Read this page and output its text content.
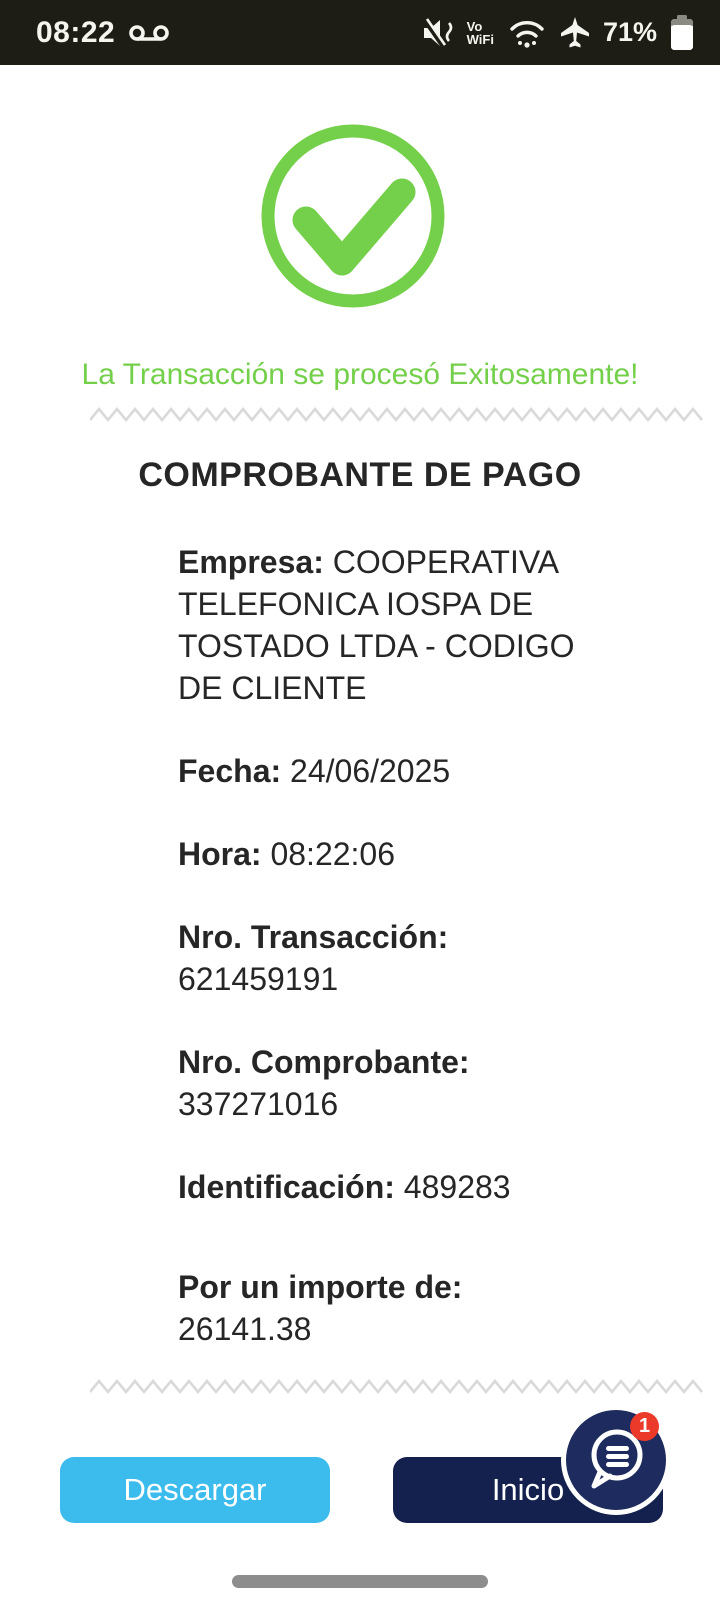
08:22	Vo
WiFi	71%
La Transacción se procesó Exitosamente!
COMPROBANTE DE PAGO

Empresa: COOPERATIVA TELEFONICA IOSPA DE TOSTADO LTDA - CODIGO DE CLIENTE

Fecha: 24/06/2025

Hora: 08:22:06

Nro. Transacción: 621459191

Nro. Comprobante: 337271016

Identificación: 489283

Por un importe de: 26141.38

Descargar	Inicio
1
